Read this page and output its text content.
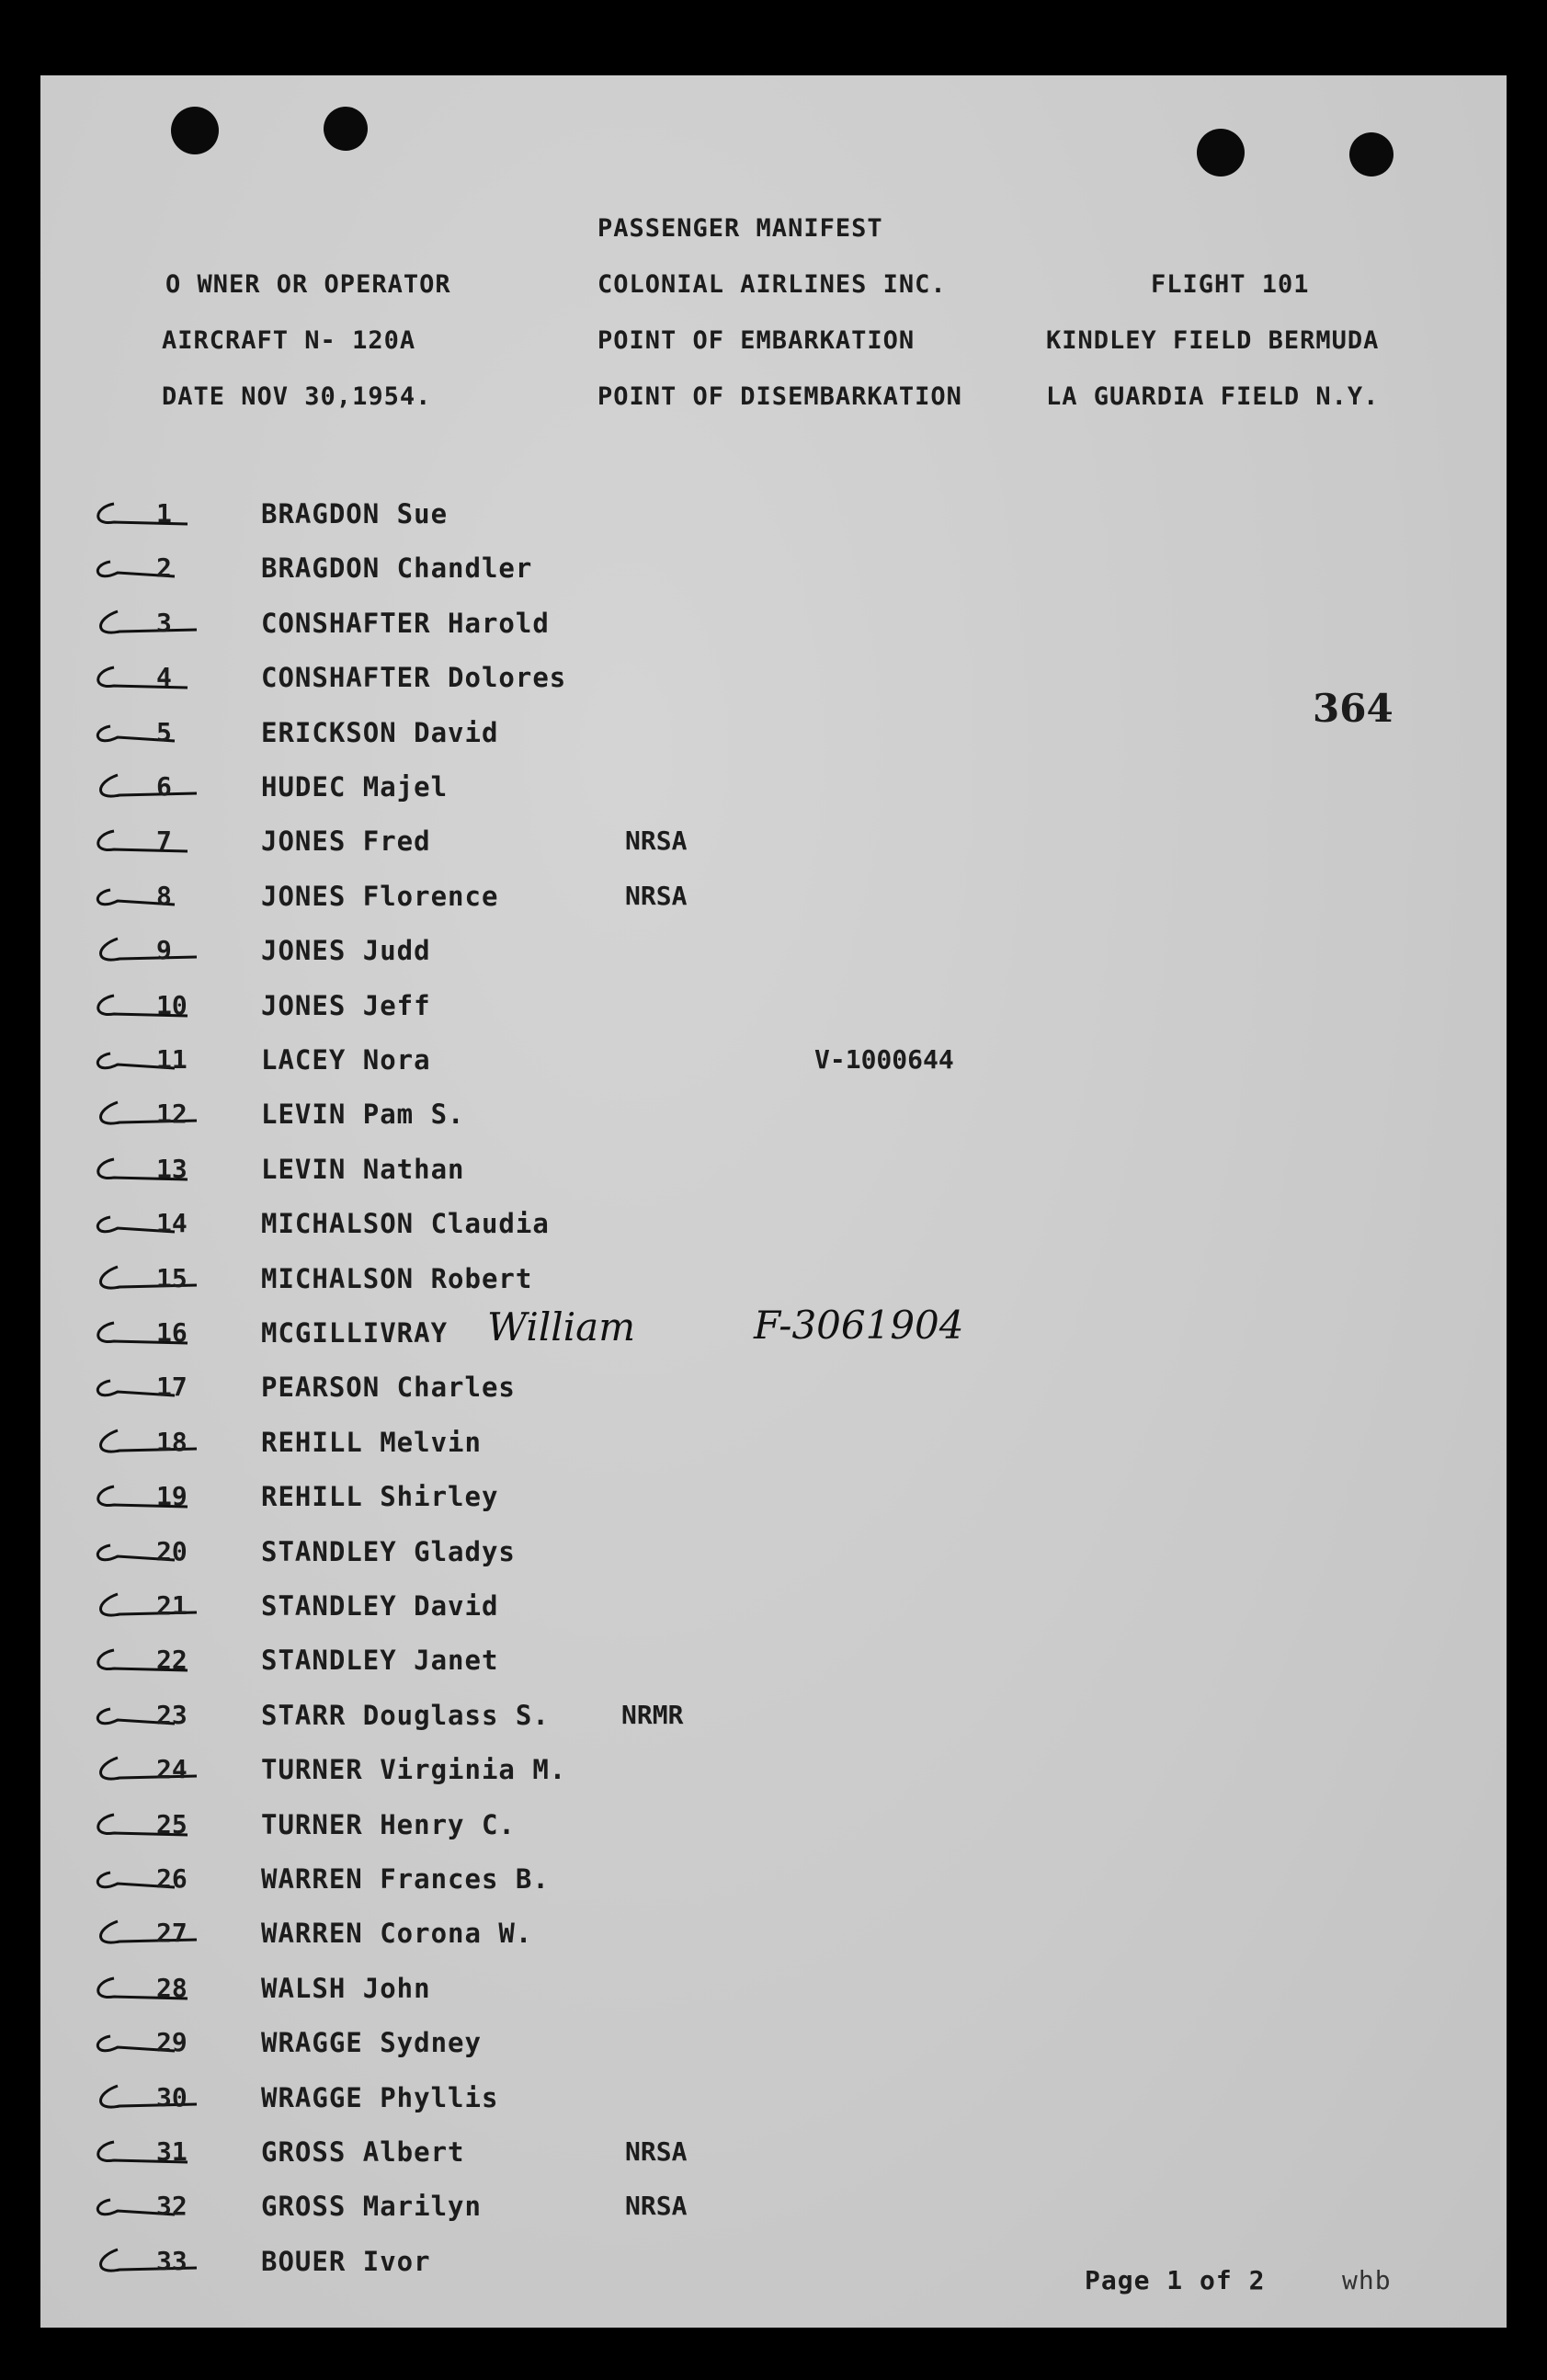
PASSENGER MANIFEST
O WNER OR OPERATOR	COLONIAL AIRLINES INC.	FLIGHT 101
AIRCRAFT N- 120A	POINT OF EMBARKATION	KINDLEY FIELD BERMUDA
DATE NOV 30,1954.	POINT OF DISEMBARKATION	LA GUARDIA FIELD N.Y.
364
1	BRAGDON Sue
2	BRAGDON Chandler
3	CONSHAFTER Harold
4	CONSHAFTER Dolores
5	ERICKSON David
6	HUDEC Majel
7	JONES Fred	NRSA
8	JONES Florence	NRSA
9	JONES Judd
10	JONES Jeff
11	LACEY Nora	V-1000644
12	LEVIN Pam S.
13	LEVIN Nathan
14	MICHALSON Claudia
15	MICHALSON Robert
16	MCGILLIVRAY William	F-3061904
17	PEARSON Charles
18	REHILL Melvin
19	REHILL Shirley
20	STANDLEY Gladys
21	STANDLEY David
22	STANDLEY Janet
23	STARR Douglass S.	NRMR
24	TURNER Virginia M.
25	TURNER Henry C.
26	WARREN Frances B.
27	WARREN Corona W.
28	WALSH John
29	WRAGGE Sydney
30	WRAGGE Phyllis
31	GROSS Albert	NRSA
32	GROSS Marilyn	NRSA
33	BOUER Ivor
Page 1 of 2	whb
